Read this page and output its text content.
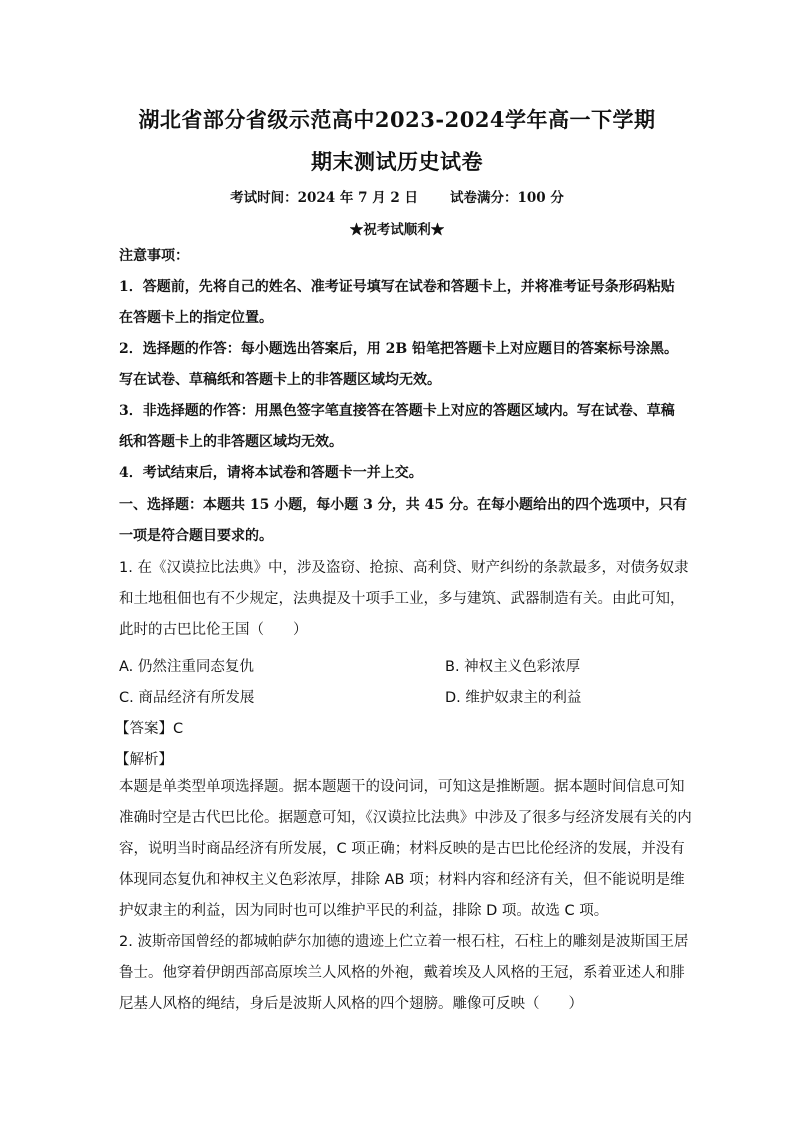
湖北省部分省级示范高中2023-2024学年高一下学期
期末测试历史试卷
考试时间：2024 年 7 月 2 日 试卷满分：100 分
★祝考试顺利★
注意事项：
1．答题前，先将自己的姓名、准考证号填写在试卷和答题卡上，并将准考证号条形码粘贴
在答题卡上的指定位置。
2．选择题的作答：每小题选出答案后，用 2B 铅笔把答题卡上对应题目的答案标号涂黑。
写在试卷、草稿纸和答题卡上的非答题区域均无效。
3．非选择题的作答：用黑色签字笔直接答在答题卡上对应的答题区域内。写在试卷、草稿
纸和答题卡上的非答题区域均无效。
4．考试结束后，请将本试卷和答题卡一并上交。
一、选择题：本题共 15 小题，每小题 3 分，共 45 分。在每小题给出的四个选项中，只有
一项是符合题目要求的。
1. 在《汉谟拉比法典》中，涉及盗窃、抢掠、高利贷、财产纠纷的条款最多，对债务奴隶
和土地租佃也有不少规定，法典提及十项手工业，多与建筑、武器制造有关。由此可知，
此时的古巴比伦王国（　　）
A. 仍然注重同态复仇	B. 神权主义色彩浓厚
C. 商品经济有所发展	D. 维护奴隶主的利益
【答案】C
【解析】
本题是单类型单项选择题。据本题题干的设问词，可知这是推断题。据本题时间信息可知
准确时空是古代巴比伦。据题意可知，《汉谟拉比法典》中涉及了很多与经济发展有关的内
容，说明当时商品经济有所发展，C 项正确；材料反映的是古巴比伦经济的发展，并没有
体现同态复仇和神权主义色彩浓厚，排除 AB 项；材料内容和经济有关，但不能说明是维
护奴隶主的利益，因为同时也可以维护平民的利益，排除 D 项。故选 C 项。
2. 波斯帝国曾经的都城帕萨尔加德的遗迹上伫立着一根石柱，石柱上的雕刻是波斯国王居
鲁士。他穿着伊朗西部高原埃兰人风格的外袍，戴着埃及人风格的王冠，系着亚述人和腓
尼基人风格的绳结，身后是波斯人风格的四个翅膀。雕像可反映（　　）
